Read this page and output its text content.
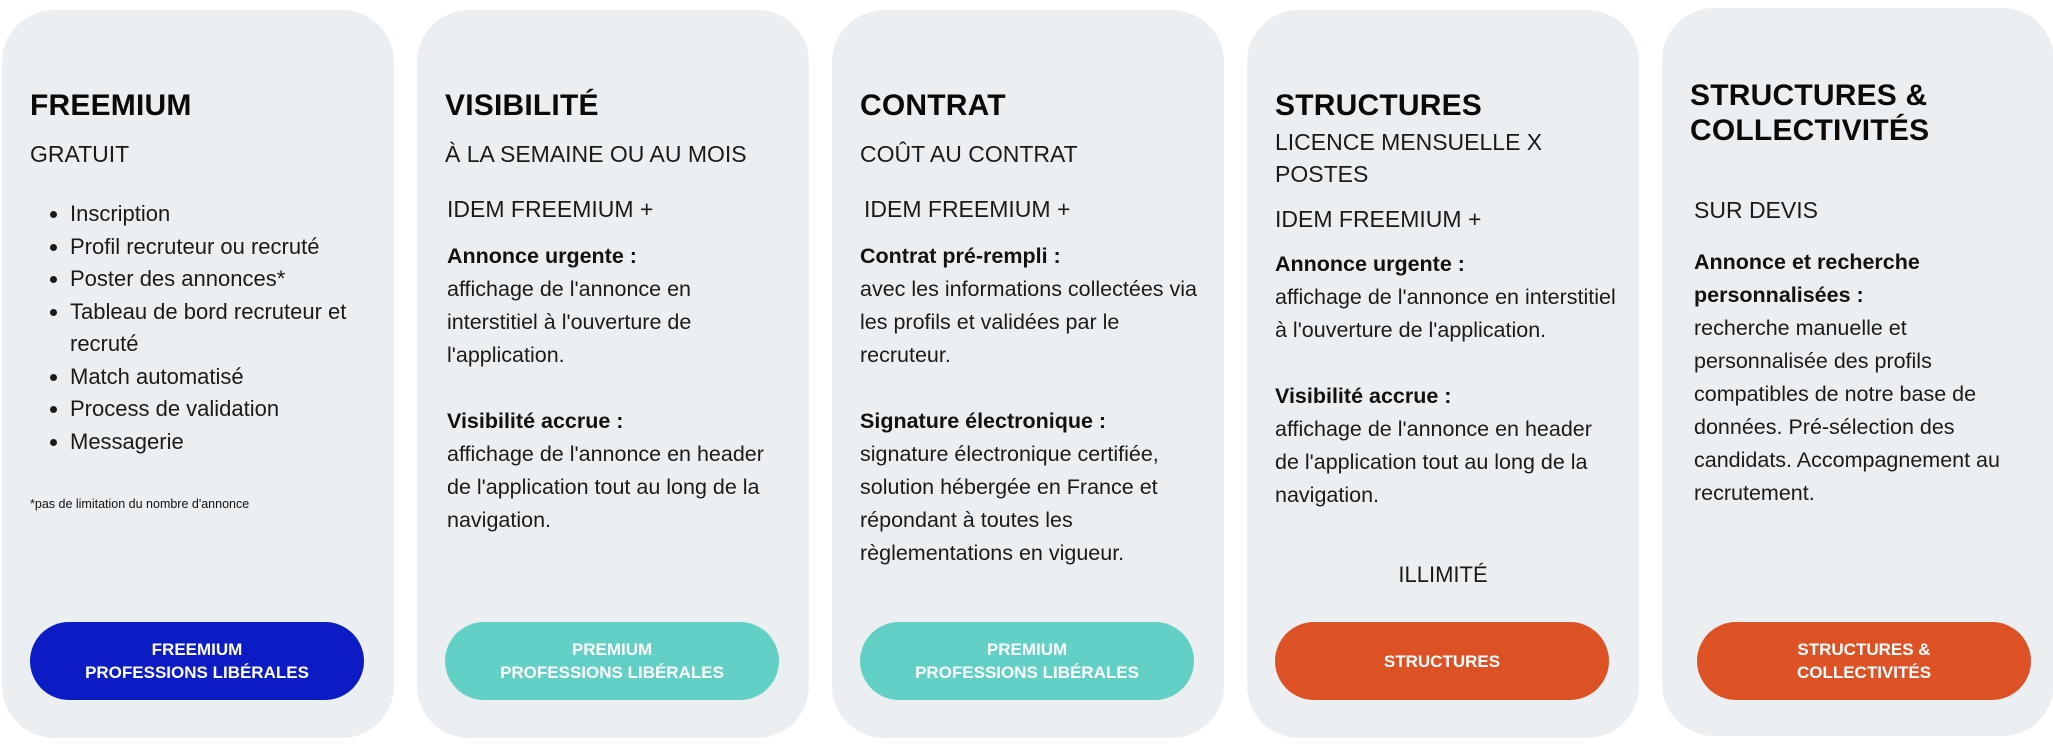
FREEMIUM
GRATUIT
• Inscription
• Profil recruteur ou recruté
• Poster des annonces*
• Tableau de bord recruteur et recruté
• Match automatisé
• Process de validation
• Messagerie
*pas de limitation du nombre d'annonce
FREEMIUM
PROFESSIONS LIBÉRALES
VISIBILITÉ
À LA SEMAINE OU AU MOIS
IDEM FREEMIUM +
Annonce urgente :
affichage de l'annonce en interstitiel à l'ouverture de l'application.
Visibilité accrue :
affichage de l'annonce en header de l'application tout au long de la navigation.
PREMIUM
PROFESSIONS LIBÉRALES
CONTRAT
COÛT AU CONTRAT
IDEM FREEMIUM +
Contrat pré-rempli :
avec les informations collectées via les profils et validées par le recruteur.
Signature électronique :
signature électronique certifiée, solution hébergée en France et répondant à toutes les règlementations en vigueur.
PREMIUM
PROFESSIONS LIBÉRALES
STRUCTURES
LICENCE MENSUELLE X POSTES
IDEM FREEMIUM +
Annonce urgente :
affichage de l'annonce en interstitiel à l'ouverture de l'application.
Visibilité accrue :
affichage de l'annonce en header de l'application tout au long de la navigation.
ILLIMITÉ
STRUCTURES
STRUCTURES & COLLECTIVITÉS
SUR DEVIS
Annonce et recherche personnalisées :
recherche manuelle et personnalisée des profils compatibles de notre base de données. Pré-sélection des candidats. Accompagnement au recrutement.
STRUCTURES &
COLLECTIVITÉS
